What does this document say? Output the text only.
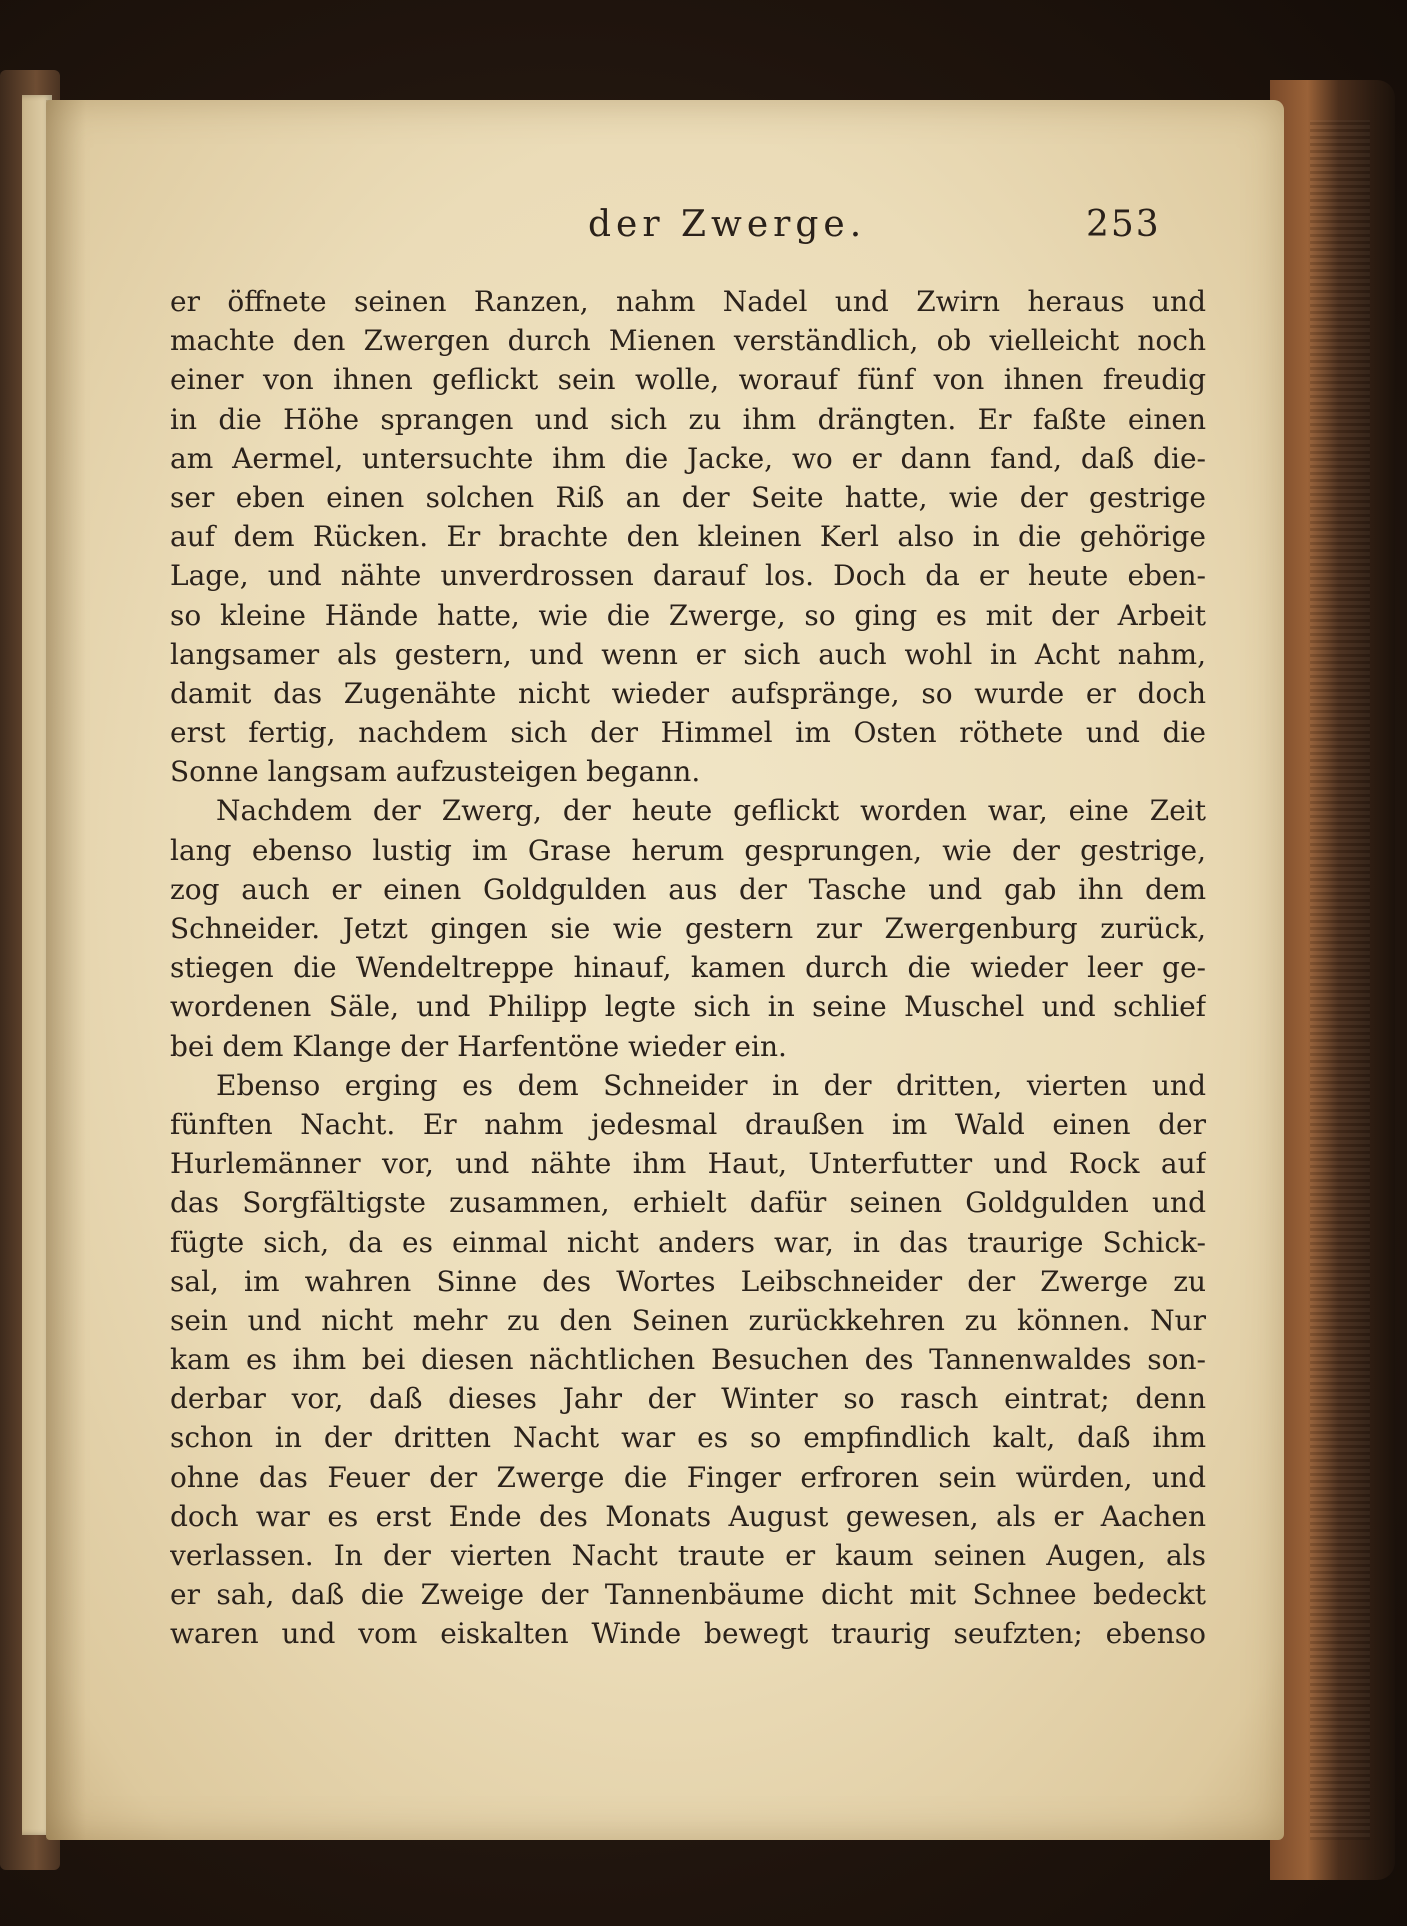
der Zwerge.	253
er öffnete seinen Ranzen, nahm Nadel und Zwirn heraus und
machte den Zwergen durch Mienen verständlich, ob vielleicht noch
einer von ihnen geflickt sein wolle, worauf fünf von ihnen freudig
in die Höhe sprangen und sich zu ihm drängten. Er faßte einen
am Aermel, untersuchte ihm die Jacke, wo er dann fand, daß die-
ser eben einen solchen Riß an der Seite hatte, wie der gestrige
auf dem Rücken. Er brachte den kleinen Kerl also in die gehörige
Lage, und nähte unverdrossen darauf los. Doch da er heute eben-
so kleine Hände hatte, wie die Zwerge, so ging es mit der Arbeit
langsamer als gestern, und wenn er sich auch wohl in Acht nahm,
damit das Zugenähte nicht wieder aufspränge, so wurde er doch
erst fertig, nachdem sich der Himmel im Osten röthete und die
Sonne langsam aufzusteigen begann.
Nachdem der Zwerg, der heute geflickt worden war, eine Zeit
lang ebenso lustig im Grase herum gesprungen, wie der gestrige,
zog auch er einen Goldgulden aus der Tasche und gab ihn dem
Schneider. Jetzt gingen sie wie gestern zur Zwergenburg zurück,
stiegen die Wendeltreppe hinauf, kamen durch die wieder leer ge-
wordenen Säle, und Philipp legte sich in seine Muschel und schlief
bei dem Klange der Harfentöne wieder ein.
Ebenso erging es dem Schneider in der dritten, vierten und
fünften Nacht. Er nahm jedesmal draußen im Wald einen der
Hurlemänner vor, und nähte ihm Haut, Unterfutter und Rock auf
das Sorgfältigste zusammen, erhielt dafür seinen Goldgulden und
fügte sich, da es einmal nicht anders war, in das traurige Schick-
sal, im wahren Sinne des Wortes Leibschneider der Zwerge zu
sein und nicht mehr zu den Seinen zurückkehren zu können. Nur
kam es ihm bei diesen nächtlichen Besuchen des Tannenwaldes son-
derbar vor, daß dieses Jahr der Winter so rasch eintrat; denn
schon in der dritten Nacht war es so empfindlich kalt, daß ihm
ohne das Feuer der Zwerge die Finger erfroren sein würden, und
doch war es erst Ende des Monats August gewesen, als er Aachen
verlassen. In der vierten Nacht traute er kaum seinen Augen, als
er sah, daß die Zweige der Tannenbäume dicht mit Schnee bedeckt
waren und vom eiskalten Winde bewegt traurig seufzten; ebenso
